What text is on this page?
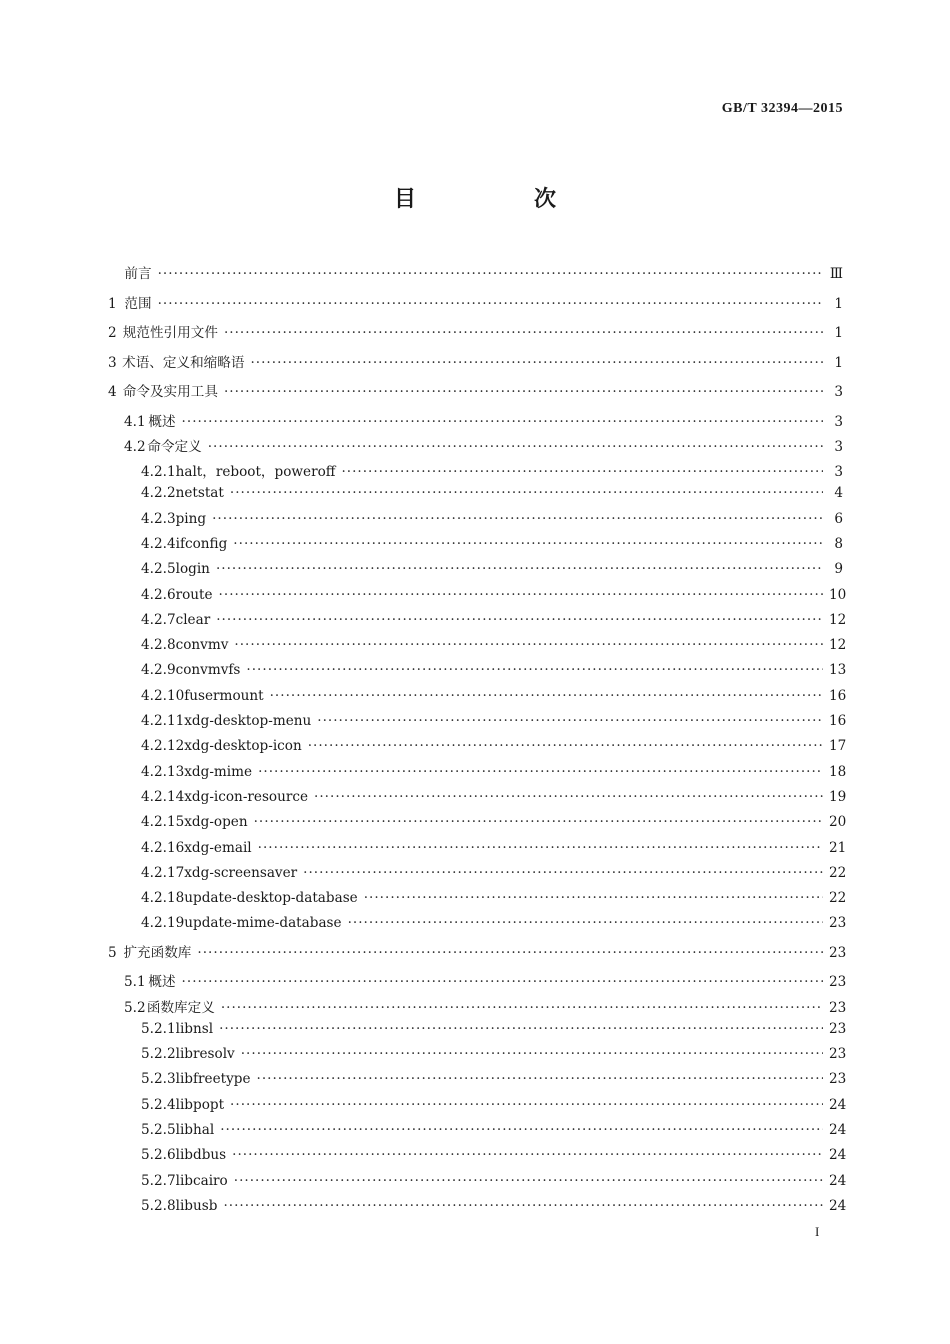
GB/T 32394—2015
目　次
前言 ·····	Ⅲ
1 范围 ·····	1
2 规范性引用文件 ·····	1
3 术语、定义和缩略语 ·····	1
4 命令及实用工具 ·····	3
4.1 概述 ·····	3
4.2 命令定义 ·····	3
4.2.1 halt，reboot，poweroff ·····	3
4.2.2 netstat ·····	4
4.2.3 ping ·····	6
4.2.4 ifconfig ·····	8
4.2.5 login ·····	9
4.2.6 route ·····	10
4.2.7 clear ·····	12
4.2.8 convmv ·····	12
4.2.9 convmvfs ·····	13
4.2.10 fusermount ·····	16
4.2.11 xdg-desktop-menu ·····	16
4.2.12 xdg-desktop-icon ·····	17
4.2.13 xdg-mime ·····	18
4.2.14 xdg-icon-resource ·····	19
4.2.15 xdg-open ·····	20
4.2.16 xdg-email ·····	21
4.2.17 xdg-screensaver ·····	22
4.2.18 update-desktop-database ·····	22
4.2.19 update-mime-database ·····	23
5 扩充函数库 ·····	23
5.1 概述 ·····	23
5.2 函数库定义 ·····	23
5.2.1 libnsl ·····	23
5.2.2 libresolv ·····	23
5.2.3 libfreetype ·····	23
5.2.4 libpopt ·····	24
5.2.5 libhal ·····	24
5.2.6 libdbus ·····	24
5.2.7 libcairo ·····	24
5.2.8 libusb ·····	24
I
